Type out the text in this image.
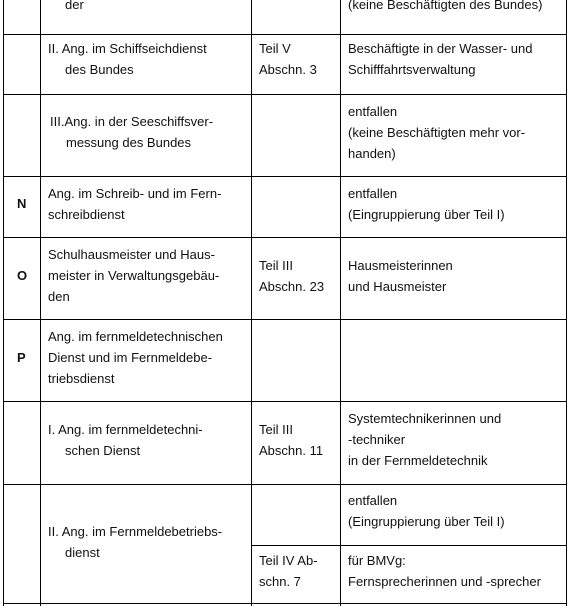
der	(keine Beschäftigten des Bundes)
II. Ang. im Schiffseichdienst
des Bundes
Teil V
Abschn. 3
Beschäftigte in der Wasser- und
Schifffahrtsverwaltung
III.Ang. in der Seeschiffsver-
messung des Bundes
entfallen
(keine Beschäftigten mehr vor-
handen)
N
Ang. im Schreib- und im Fern-
schreibdienst
entfallen
(Eingruppierung über Teil I)
O
Schulhausmeister und Haus-
meister in Verwaltungsgebäu-
den
Teil III
Abschn. 23
Hausmeisterinnen
und Hausmeister
P
Ang. im fernmeldetechnischen
Dienst und im Fernmeldebe-
triebsdienst
I. Ang. im fernmeldetechni-
schen Dienst
Teil III
Abschn. 11
Systemtechnikerinnen und
-techniker
in der Fernmeldetechnik
II. Ang. im Fernmeldebetriebs-
dienst
entfallen
(Eingruppierung über Teil I)
Teil IV Ab-
schn. 7
für BMVg:
Fernsprecherinnen und -sprecher
